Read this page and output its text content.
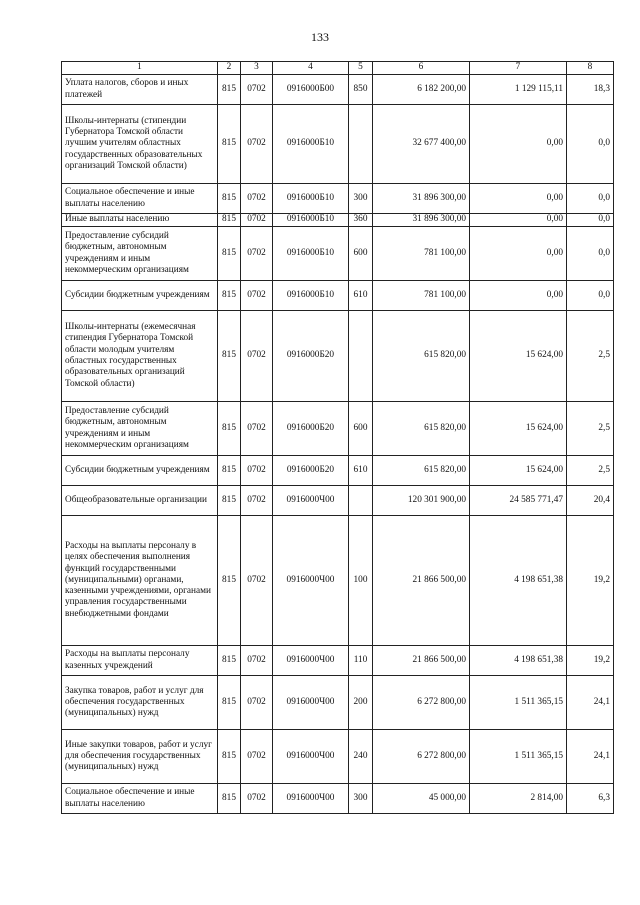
133
1	2	3	4	5	6	7	8
Уплата налогов, сборов и иных платежей	815	0702	0916000Б00	850	6 182 200,00	1 129 115,11	18,3
Школы-интернаты (стипендии Губернатора Томской области лучшим учителям областных государственных образовательных организаций Томской области)	815	0702	0916000Б10		32 677 400,00	0,00	0,0
Социальное обеспечение и иные выплаты населению	815	0702	0916000Б10	300	31 896 300,00	0,00	0,0
Иные выплаты населению	815	0702	0916000Б10	360	31 896 300,00	0,00	0,0
Предоставление субсидий бюджетным, автономным учреждениям и иным некоммерческим организациям	815	0702	0916000Б10	600	781 100,00	0,00	0,0
Субсидии бюджетным учреждениям	815	0702	0916000Б10	610	781 100,00	0,00	0,0
Школы-интернаты (ежемесячная стипендия Губернатора Томской области молодым учителям областных государственных образовательных организаций Томской области)	815	0702	0916000Б20		615 820,00	15 624,00	2,5
Предоставление субсидий бюджетным, автономным учреждениям и иным некоммерческим организациям	815	0702	0916000Б20	600	615 820,00	15 624,00	2,5
Субсидии бюджетным учреждениям	815	0702	0916000Б20	610	615 820,00	15 624,00	2,5
Общеобразовательные организации	815	0702	0916000Ч00		120 301 900,00	24 585 771,47	20,4
Расходы на выплаты персоналу в целях обеспечения выполнения функций государственными (муниципальными) органами, казенными учреждениями, органами управления государственными внебюджетными фондами	815	0702	0916000Ч00	100	21 866 500,00	4 198 651,38	19,2
Расходы на выплаты персоналу казенных учреждений	815	0702	0916000Ч00	110	21 866 500,00	4 198 651,38	19,2
Закупка товаров, работ и услуг для обеспечения государственных (муниципальных) нужд	815	0702	0916000Ч00	200	6 272 800,00	1 511 365,15	24,1
Иные закупки товаров, работ и услуг для обеспечения государственных (муниципальных) нужд	815	0702	0916000Ч00	240	6 272 800,00	1 511 365,15	24,1
Социальное обеспечение и иные выплаты населению	815	0702	0916000Ч00	300	45 000,00	2 814,00	6,3
